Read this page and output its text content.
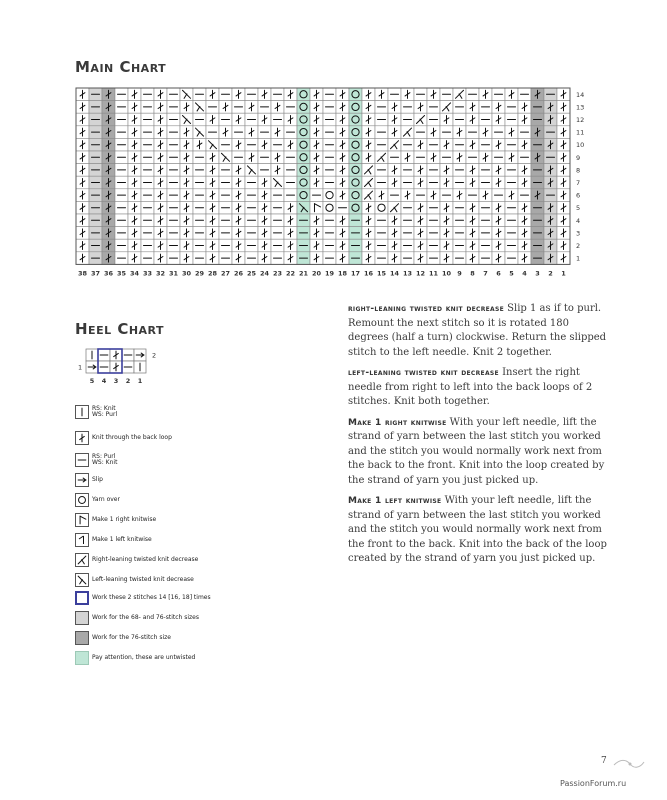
Main Chart
14
13
12
11
10
9
8
7
6
5
4
3
2
1
38 37 36 35 34 33 32 31 30 29 28 27 26 25 24 23 22 21 20 19 18 17 16 15 14 13 12 11 10 9 8 7 6 5 4 3 2 1
Heel Chart
2
1
5 4 3 2 1
RS: Knit
WS: Purl
Knit through the back loop
RS: Purl
WS: Knit
Slip
Yarn over
Make 1 right knitwise
Make 1 left knitwise
Right-leaning twisted knit decrease
Left-leaning twisted knit decrease
Work these 2 stitches 14 [16, 18] times
Work for the 68- and 76-stitch sizes
Work for the 76-stitch size
Pay attention, these are untwisted

right-leaning twisted knit decrease Slip 1 as if to purl. Remount the next stitch so it is rotated 180 degrees (half a turn) clockwise. Return the slipped stitch to the left needle. Knit 2 together.

left-leaning twisted knit decrease Insert the right needle from right to left into the back loops of 2 stitches. Knit both together.

Make 1 right knitwise With your left needle, lift the strand of yarn between the last stitch you worked and the stitch you would normally work next from the back to the front. Knit into the loop created by the strand of yarn you just picked up.

Make 1 left knitwise With your left needle, lift the strand of yarn between the last stitch you worked and the stitch you would normally work next from the front to the back. Knit into the back of the loop created by the strand of yarn you just picked up.

7
PassionForum.ru
